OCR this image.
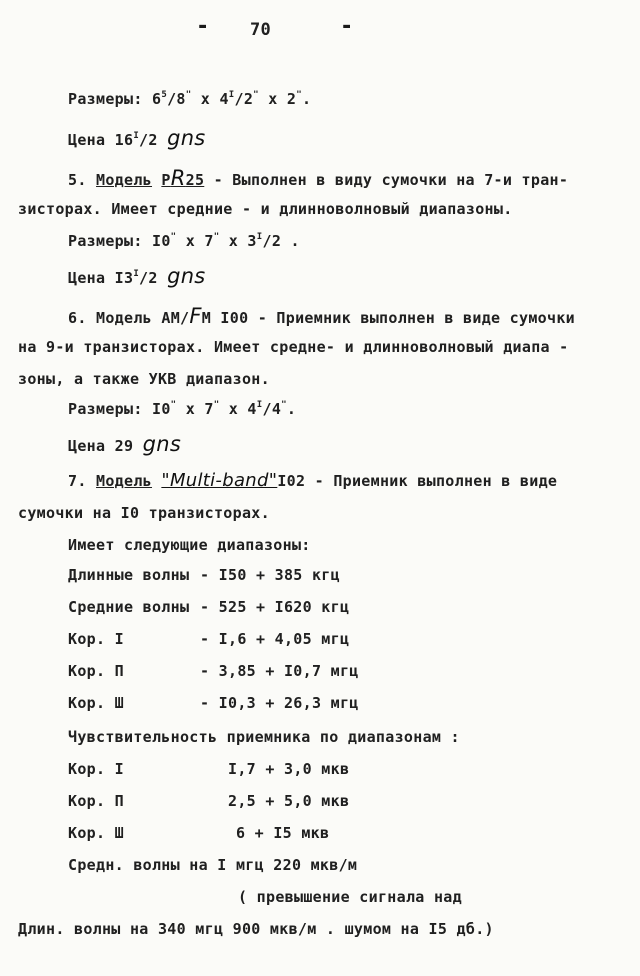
- 70	-
Размеры: $6^5/8^"$ x $4^I/2^"$ x 2".
Цена $16^I/2$ gns
5. Модель PR25 - Выполнен в виду сумочки на 7-и тран-
зисторах. Имеет средние - и длинноволновый диапазоны.
Размеры: I0" x 7" x $3^I/2$ .
Цена $I3^I/2$ gns
6. Модель AM/FM I00 - Приемник выполнен в виде сумочки
на 9-и транзисторах. Имеет средне- и длинноволновый диапа -
зоны, а также УКВ диапазон.
Размеры: I0" x 7" x $4^I/4^"$.
Цена 29 gns
7. Модель "Multi-band"I02 - Приемник выполнен в виде
сумочки на I0 транзисторах.
Имеет следующие диапазоны:
Длинные волны - I50 + 385 кгц
Средние волны - 525 + I620 кгц
Кор. I	- I,6 + 4,05 мгц
Кор. П	- 3,85 + I0,7 мгц
Кор. Ш	- I0,3 + 26,3 мгц
Чувствительность приемника по диапазонам :
Кор. I	I,7 + 3,0 мкв
Кор. П	2,5 + 5,0 мкв
Кор. Ш	6 + I5 мкв
Средн. волны на I мгц 220 мкв/м
( превышение сигнала над
Длин. волны на 340 мгц 900 мкв/м . шумом на I5 дб.)
